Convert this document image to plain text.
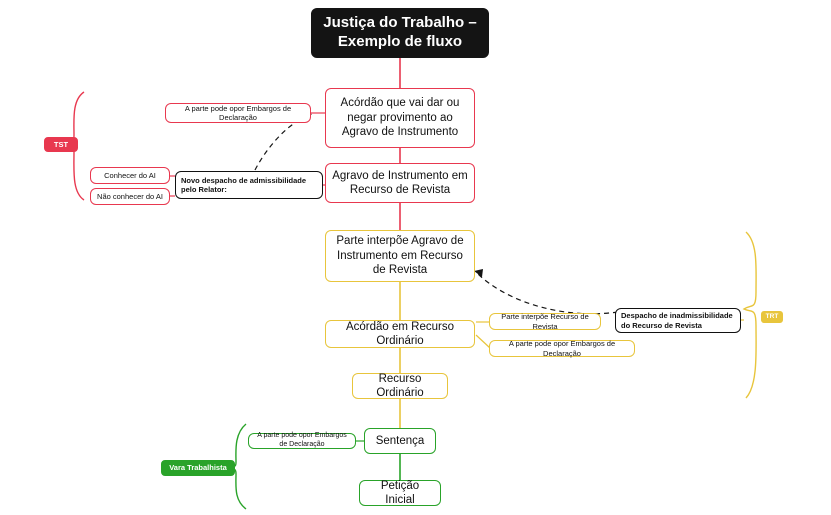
Justiça do Trabalho –
Exemplo de fluxo
Acórdão que vai dar ou negar provimento ao Agravo de Instrumento
A parte pode opor Embargos de Declaração
Agravo de Instrumento em Recurso de Revista
Novo despacho de admissibilidade pelo Relator:
Conhecer do AI
Não conhecer do AI
TST
Parte interpõe Agravo de Instrumento em Recurso de Revista
Despacho de inadmissibilidade do Recurso de Revista
Parte interpõe Recurso de Revista
A parte pode opor Embargos de Declaração
Acórdão em Recurso Ordinário
TRT
Recurso Ordinário
Sentença
A parte pode opor Embargos de Declaração
Vara Trabalhista
Petição Inicial
